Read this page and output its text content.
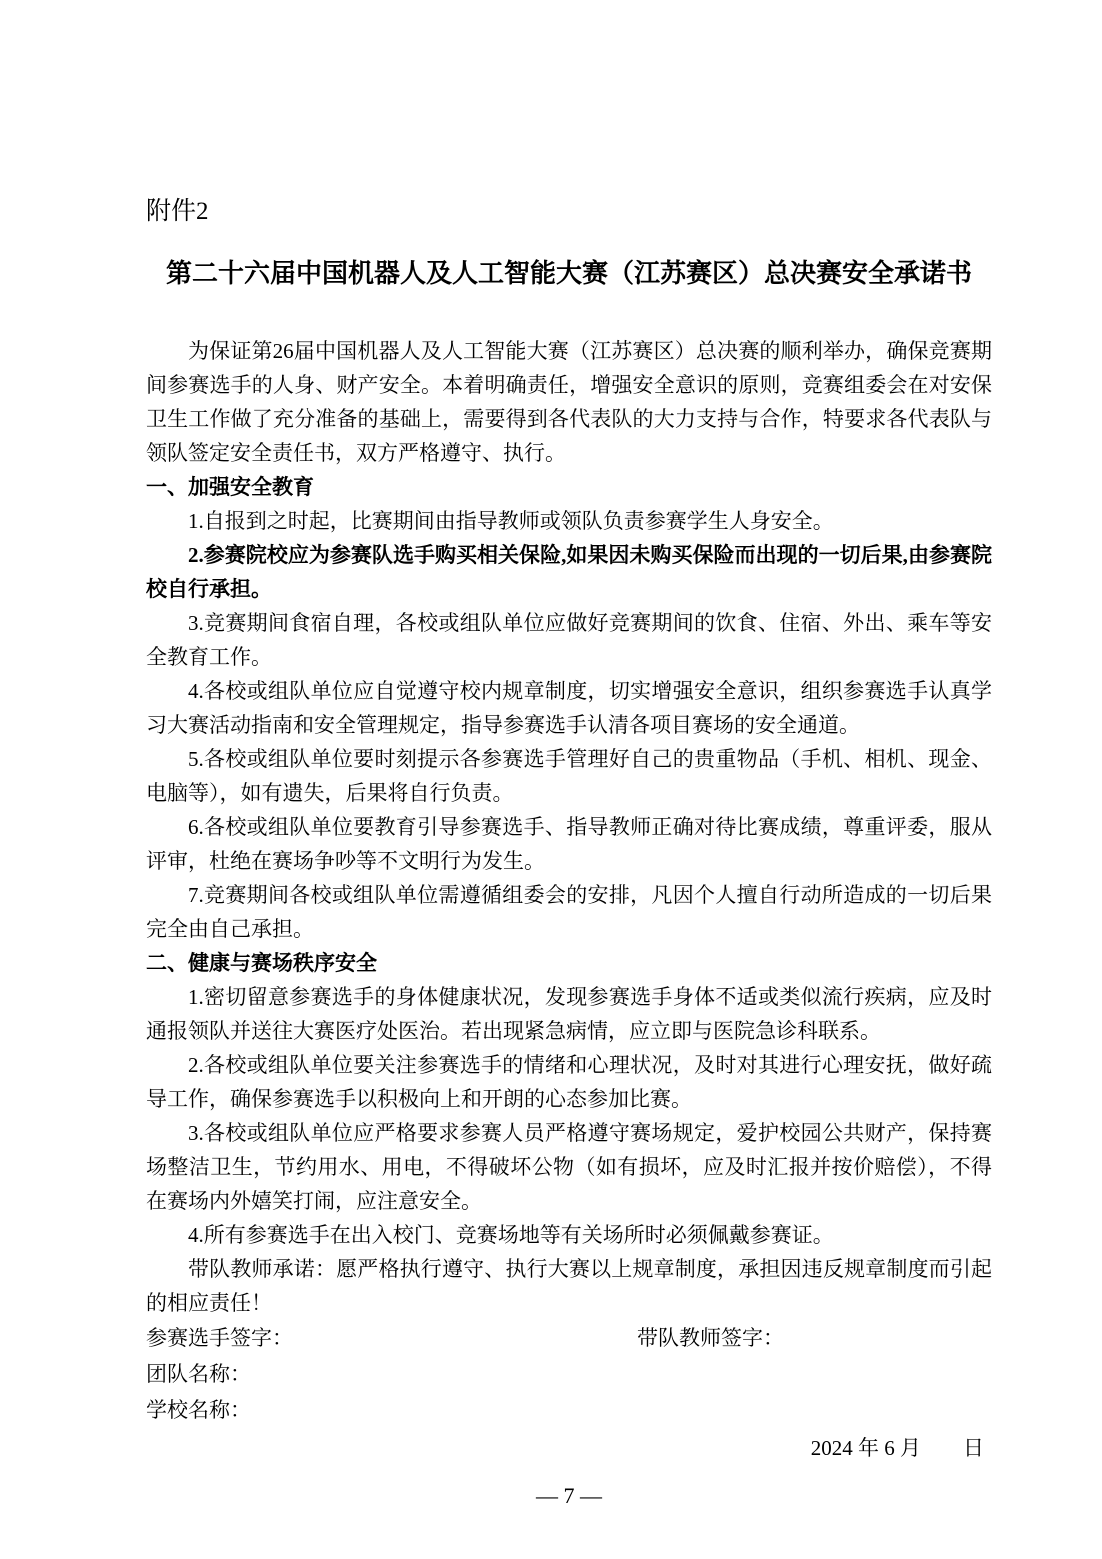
附件2

第二十六届中国机器人及人工智能大赛（江苏赛区）总决赛安全承诺书

为保证第26届中国机器人及人工智能大赛（江苏赛区）总决赛的顺利举办，确保竞赛期间参赛选手的人身、财产安全。本着明确责任，增强安全意识的原则，竞赛组委会在对安保卫生工作做了充分准备的基础上，需要得到各代表队的大力支持与合作，特要求各代表队与领队签定安全责任书，双方严格遵守、执行。

一、加强安全教育

1.自报到之时起，比赛期间由指导教师或领队负责参赛学生人身安全。

2.参赛院校应为参赛队选手购买相关保险,如果因未购买保险而出现的一切后果,由参赛院校自行承担。

3.竞赛期间食宿自理，各校或组队单位应做好竞赛期间的饮食、住宿、外出、乘车等安全教育工作。

4.各校或组队单位应自觉遵守校内规章制度，切实增强安全意识，组织参赛选手认真学习大赛活动指南和安全管理规定，指导参赛选手认清各项目赛场的安全通道。

5.各校或组队单位要时刻提示各参赛选手管理好自己的贵重物品（手机、相机、现金、电脑等），如有遗失，后果将自行负责。

6.各校或组队单位要教育引导参赛选手、指导教师正确对待比赛成绩，尊重评委，服从评审，杜绝在赛场争吵等不文明行为发生。

7.竞赛期间各校或组队单位需遵循组委会的安排，凡因个人擅自行动所造成的一切后果完全由自己承担。

二、健康与赛场秩序安全

1.密切留意参赛选手的身体健康状况，发现参赛选手身体不适或类似流行疾病，应及时通报领队并送往大赛医疗处医治。若出现紧急病情，应立即与医院急诊科联系。

2.各校或组队单位要关注参赛选手的情绪和心理状况，及时对其进行心理安抚，做好疏导工作，确保参赛选手以积极向上和开朗的心态参加比赛。

3.各校或组队单位应严格要求参赛人员严格遵守赛场规定，爱护校园公共财产，保持赛场整洁卫生，节约用水、用电，不得破坏公物（如有损坏，应及时汇报并按价赔偿），不得在赛场内外嬉笑打闹，应注意安全。

4.所有参赛选手在出入校门、竞赛场地等有关场所时必须佩戴参赛证。

带队教师承诺：愿严格执行遵守、执行大赛以上规章制度，承担因违反规章制度而引起的相应责任！

参赛选手签字：	带队教师签字：

团队名称：

学校名称：

2024 年 6 月　　日

— 7 —
